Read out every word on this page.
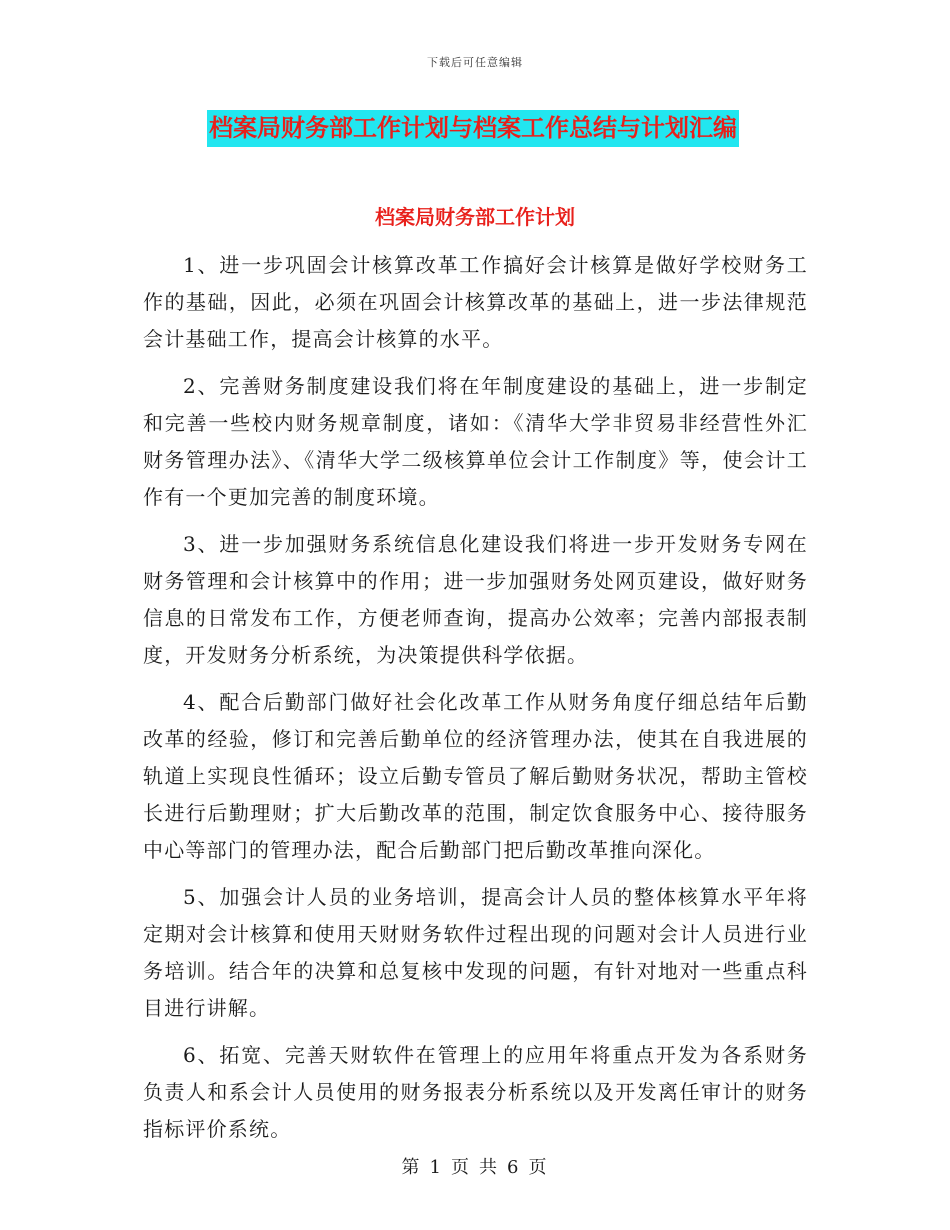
下载后可任意编辑
档案局财务部工作计划与档案工作总结与计划汇编
档案局财务部工作计划

1、进一步巩固会计核算改革工作搞好会计核算是做好学校财务工作的基础，因此，必须在巩固会计核算改革的基础上，进一步法律规范会计基础工作，提高会计核算的水平。

2、完善财务制度建设我们将在年制度建设的基础上，进一步制定和完善一些校内财务规章制度，诸如：《清华大学非贸易非经营性外汇财务管理办法》、《清华大学二级核算单位会计工作制度》等，使会计工作有一个更加完善的制度环境。

3、进一步加强财务系统信息化建设我们将进一步开发财务专网在财务管理和会计核算中的作用；进一步加强财务处网页建设，做好财务信息的日常发布工作，方便老师查询，提高办公效率；完善内部报表制度，开发财务分析系统，为决策提供科学依据。

4、配合后勤部门做好社会化改革工作从财务角度仔细总结年后勤改革的经验，修订和完善后勤单位的经济管理办法，使其在自我进展的轨道上实现良性循环；设立后勤专管员了解后勤财务状况，帮助主管校长进行后勤理财；扩大后勤改革的范围，制定饮食服务中心、接待服务中心等部门的管理办法，配合后勤部门把后勤改革推向深化。

5、加强会计人员的业务培训，提高会计人员的整体核算水平年将定期对会计核算和使用天财财务软件过程出现的问题对会计人员进行业务培训。结合年的决算和总复核中发现的问题，有针对地对一些重点科目进行讲解。

6、拓宽、完善天财软件在管理上的应用年将重点开发为各系财务负责人和系会计人员使用的财务报表分析系统以及开发离任审计的财务指标评价系统。

第 1 页 共 6 页
